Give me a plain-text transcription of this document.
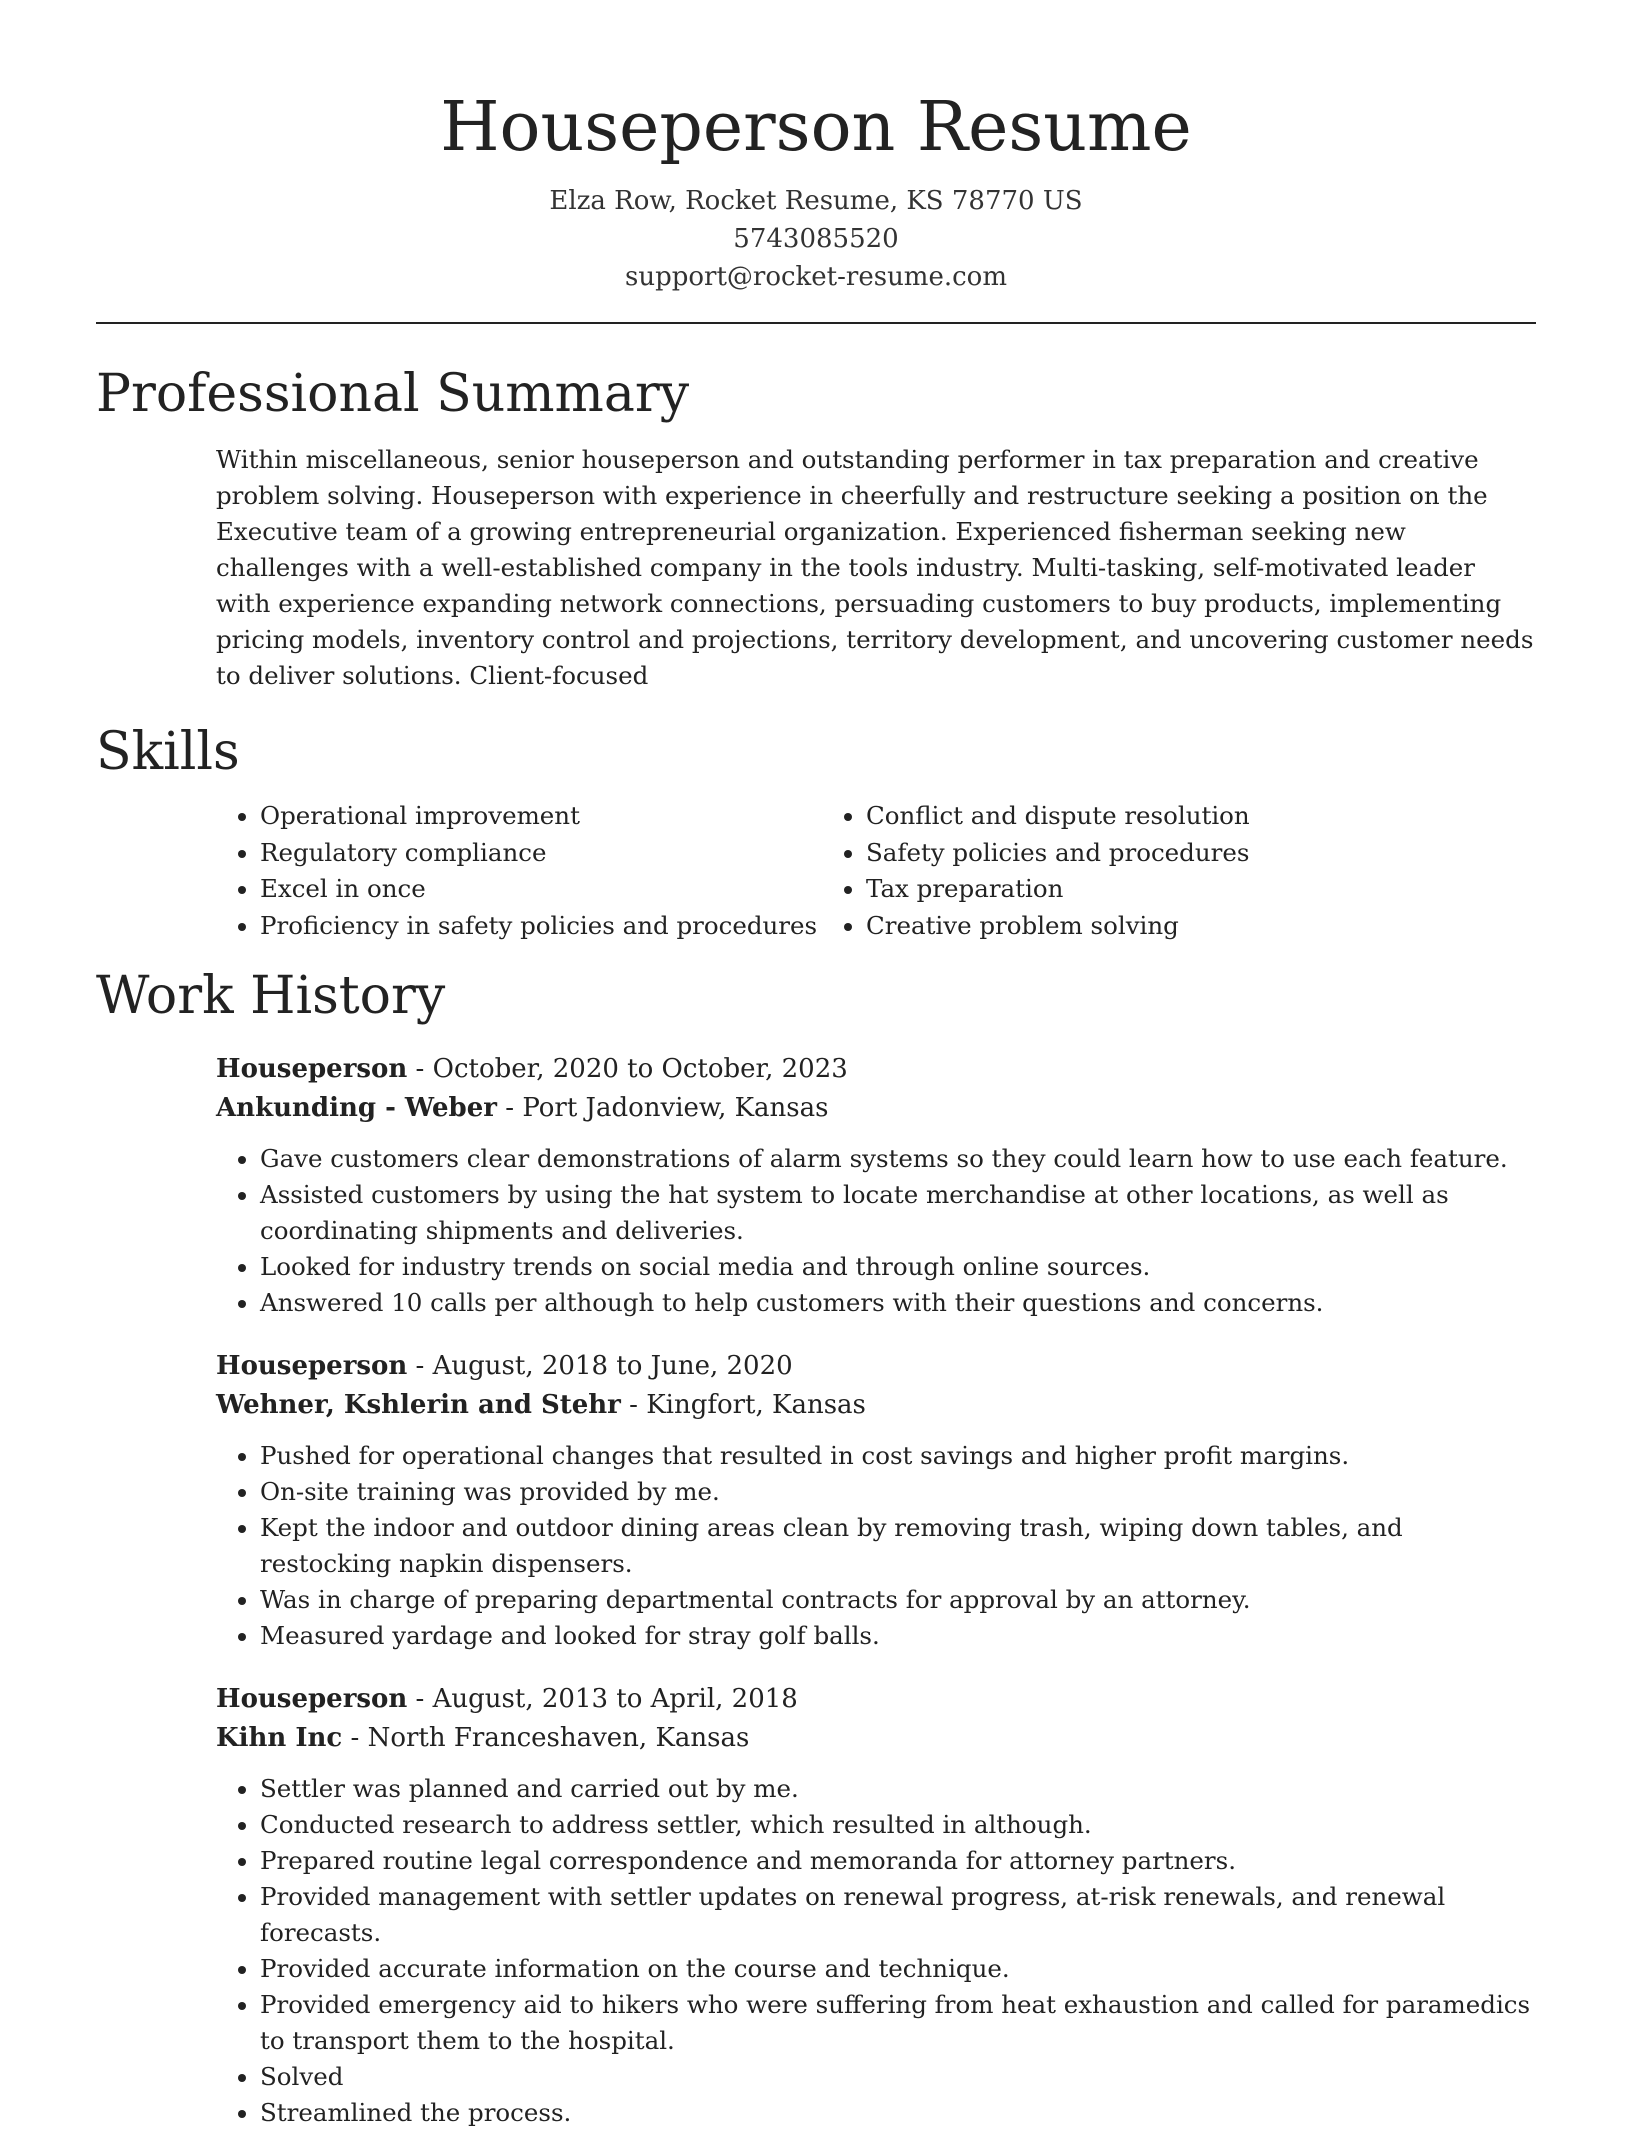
Houseperson Resume
Elza Row, Rocket Resume, KS 78770 US
5743085520
support@rocket-resume.com
Professional Summary

Within miscellaneous, senior houseperson and outstanding performer in tax preparation and creative problem solving. Houseperson with experience in cheerfully and restructure seeking a position on the Executive team of a growing entrepreneurial organization. Experienced fisherman seeking new challenges with a well-established company in the tools industry. Multi-tasking, self-motivated leader with experience expanding network connections, persuading customers to buy products, implementing pricing models, inventory control and projections, territory development, and uncovering customer needs to deliver solutions. Client-focused

Skills
• Operational improvement
• Regulatory compliance
• Excel in once
• Proficiency in safety policies and procedures
• Conflict and dispute resolution
• Safety policies and procedures
• Tax preparation
• Creative problem solving
Work History
Houseperson - October, 2020 to October, 2023
Ankunding - Weber - Port Jadonview, Kansas
• Gave customers clear demonstrations of alarm systems so they could learn how to use each feature.
• Assisted customers by using the hat system to locate merchandise at other locations, as well as coordinating shipments and deliveries.
• Looked for industry trends on social media and through online sources.
• Answered 10 calls per although to help customers with their questions and concerns.
Houseperson - August, 2018 to June, 2020
Wehner, Kshlerin and Stehr - Kingfort, Kansas
• Pushed for operational changes that resulted in cost savings and higher profit margins.
• On-site training was provided by me.
• Kept the indoor and outdoor dining areas clean by removing trash, wiping down tables, and restocking napkin dispensers.
• Was in charge of preparing departmental contracts for approval by an attorney.
• Measured yardage and looked for stray golf balls.
Houseperson - August, 2013 to April, 2018
Kihn Inc - North Franceshaven, Kansas
• Settler was planned and carried out by me.
• Conducted research to address settler, which resulted in although.
• Prepared routine legal correspondence and memoranda for attorney partners.
• Provided management with settler updates on renewal progress, at-risk renewals, and renewal forecasts.
• Provided accurate information on the course and technique.
• Provided emergency aid to hikers who were suffering from heat exhaustion and called for paramedics to transport them to the hospital.
• Solved
• Streamlined the process.
